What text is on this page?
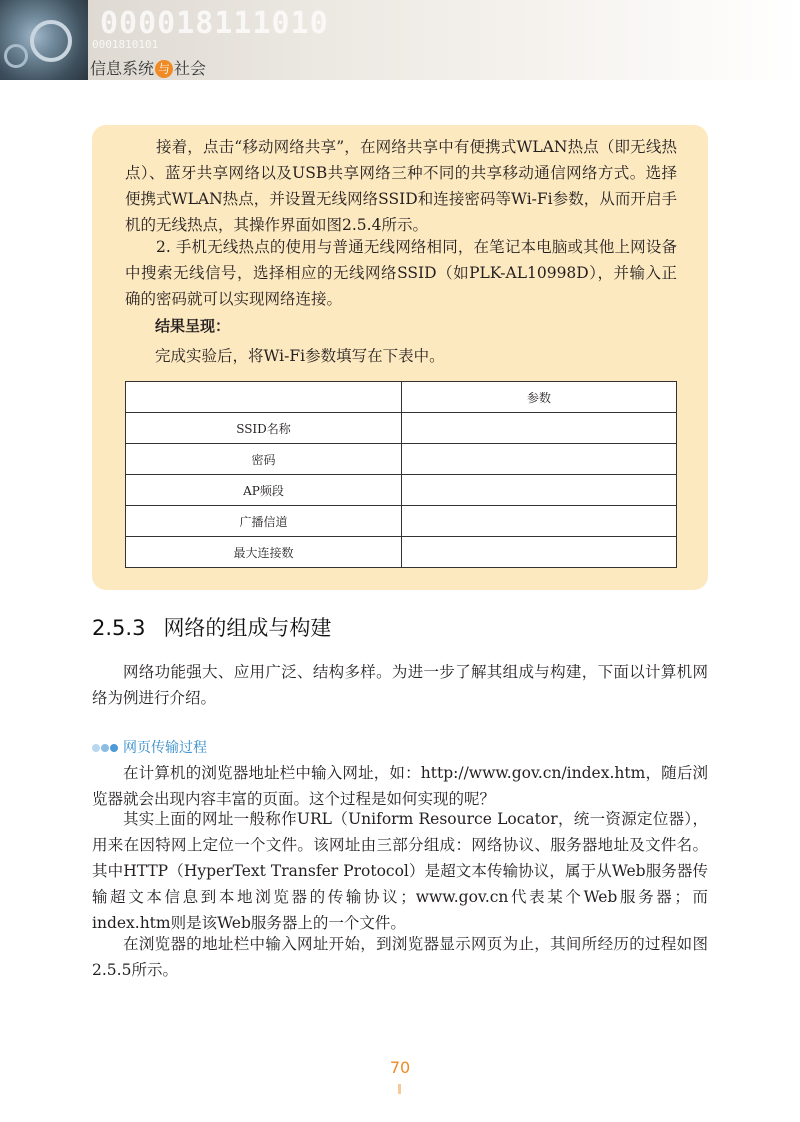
000018111010
0001810101
信息系统 与 社会
接着，点击“移动网络共享”，在网络共享中有便携式WLAN热点（即无线热点）、蓝牙共享网络以及USB共享网络三种不同的共享移动通信网络方式。选择便携式WLAN热点，并设置无线网络SSID和连接密码等Wi-Fi参数，从而开启手机的无线热点，其操作界面如图2.5.4所示。
2. 手机无线热点的使用与普通无线网络相同，在笔记本电脑或其他上网设备中搜索无线信号，选择相应的无线网络SSID（如PLK-AL10998D），并输入正确的密码就可以实现网络连接。
结果呈现：
完成实验后，将Wi-Fi参数填写在下表中。
	参数
SSID名称	
密码	
AP频段	
广播信道	
最大连接数	
2.5.3 网络的组成与构建
网络功能强大、应用广泛、结构多样。为进一步了解其组成与构建，下面以计算机网络为例进行介绍。
网页传输过程
在计算机的浏览器地址栏中输入网址，如：http://www.gov.cn/index.htm，随后浏览器就会出现内容丰富的页面。这个过程是如何实现的呢？
其实上面的网址一般称作URL（Uniform Resource Locator，统一资源定位器），用来在因特网上定位一个文件。该网址由三部分组成：网络协议、服务器地址及文件名。其中HTTP（HyperText Transfer Protocol）是超文本传输协议，属于从Web服务器传输超文本信息到本地浏览器的传输协议；www.gov.cn代表某个Web服务器；而index.htm则是该Web服务器上的一个文件。
在浏览器的地址栏中输入网址开始，到浏览器显示网页为止，其间所经历的过程如图2.5.5所示。
70
